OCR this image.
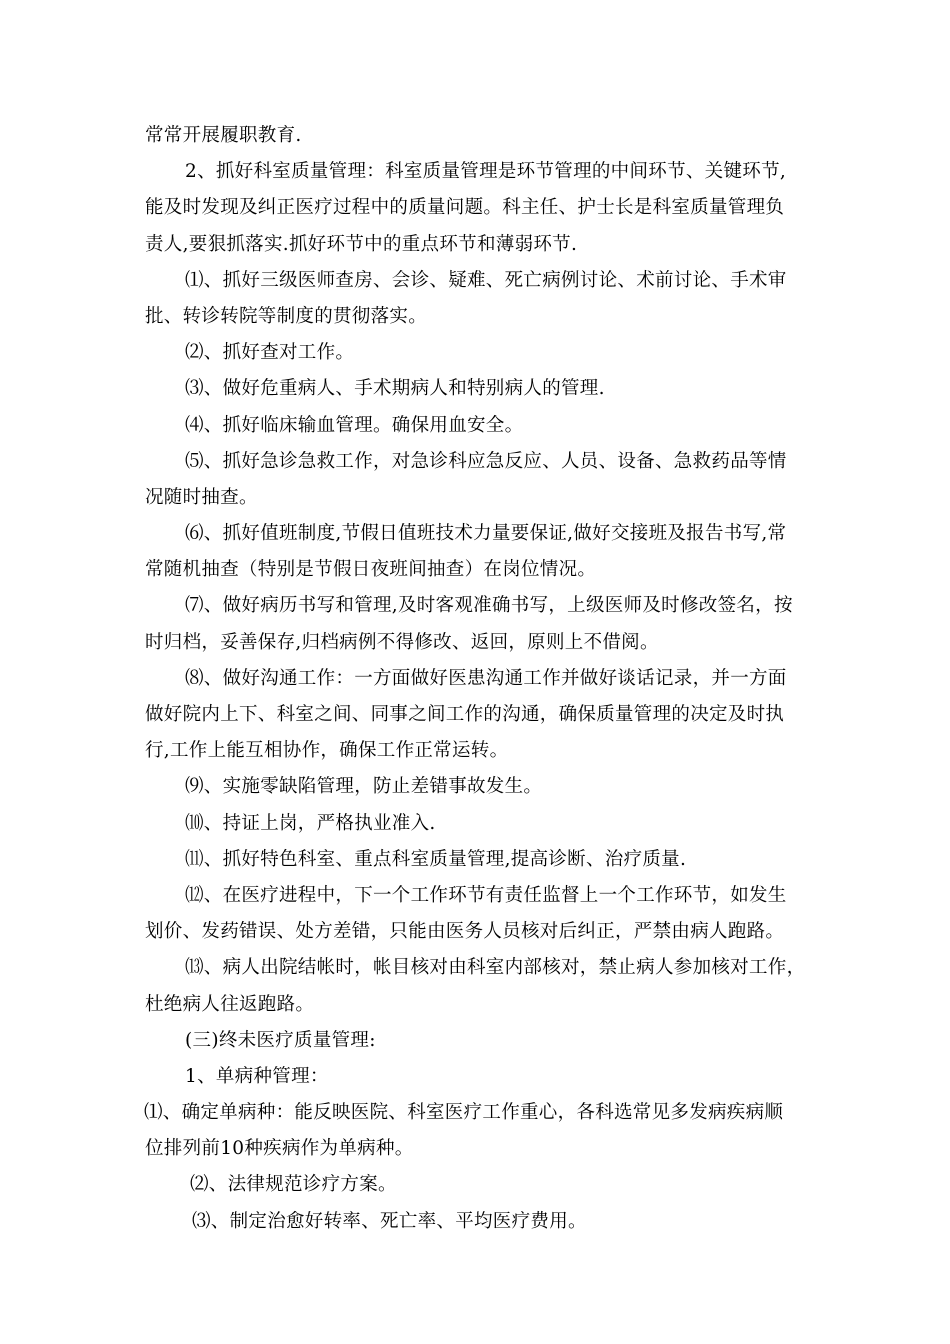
常常开展履职教育.
2、抓好科室质量管理：科室质量管理是环节管理的中间环节、关键环节,
能及时发现及纠正医疗过程中的质量问题。科主任、护士长是科室质量管理负
责人,要狠抓落实.抓好环节中的重点环节和薄弱环节.
⑴、抓好三级医师查房、会诊、疑难、死亡病例讨论、术前讨论、手术审
批、转诊转院等制度的贯彻落实。
⑵、抓好查对工作。
⑶、做好危重病人、手术期病人和特别病人的管理.
⑷、抓好临床输血管理。确保用血安全。
⑸、抓好急诊急救工作，对急诊科应急反应、人员、设备、急救药品等情
况随时抽查。
⑹、抓好值班制度,节假日值班技术力量要保证,做好交接班及报告书写,常
常随机抽查（特别是节假日夜班间抽查）在岗位情况。
⑺、做好病历书写和管理,及时客观准确书写，上级医师及时修改签名，按
时归档，妥善保存,归档病例不得修改、返回，原则上不借阅。
⑻、做好沟通工作：一方面做好医患沟通工作并做好谈话记录，并一方面
做好院内上下、科室之间、同事之间工作的沟通，确保质量管理的决定及时执
行,工作上能互相协作，确保工作正常运转。
⑼、实施零缺陷管理，防止差错事故发生。
⑽、持证上岗，严格执业准入.
⑾、抓好特色科室、重点科室质量管理,提高诊断、治疗质量.
⑿、在医疗进程中，下一个工作环节有责任监督上一个工作环节，如发生
划价、发药错误、处方差错，只能由医务人员核对后纠正，严禁由病人跑路。
⒀、病人出院结帐时，帐目核对由科室内部核对，禁止病人参加核对工作，
杜绝病人往返跑路。
(三)终未医疗质量管理:
1、单病种管理：
⑴、确定单病种：能反映医院、科室医疗工作重心，各科选常见多发病疾病顺
位排列前10种疾病作为单病种。
⑵、法律规范诊疗方案。
⑶、制定治愈好转率、死亡率、平均医疗费用。
